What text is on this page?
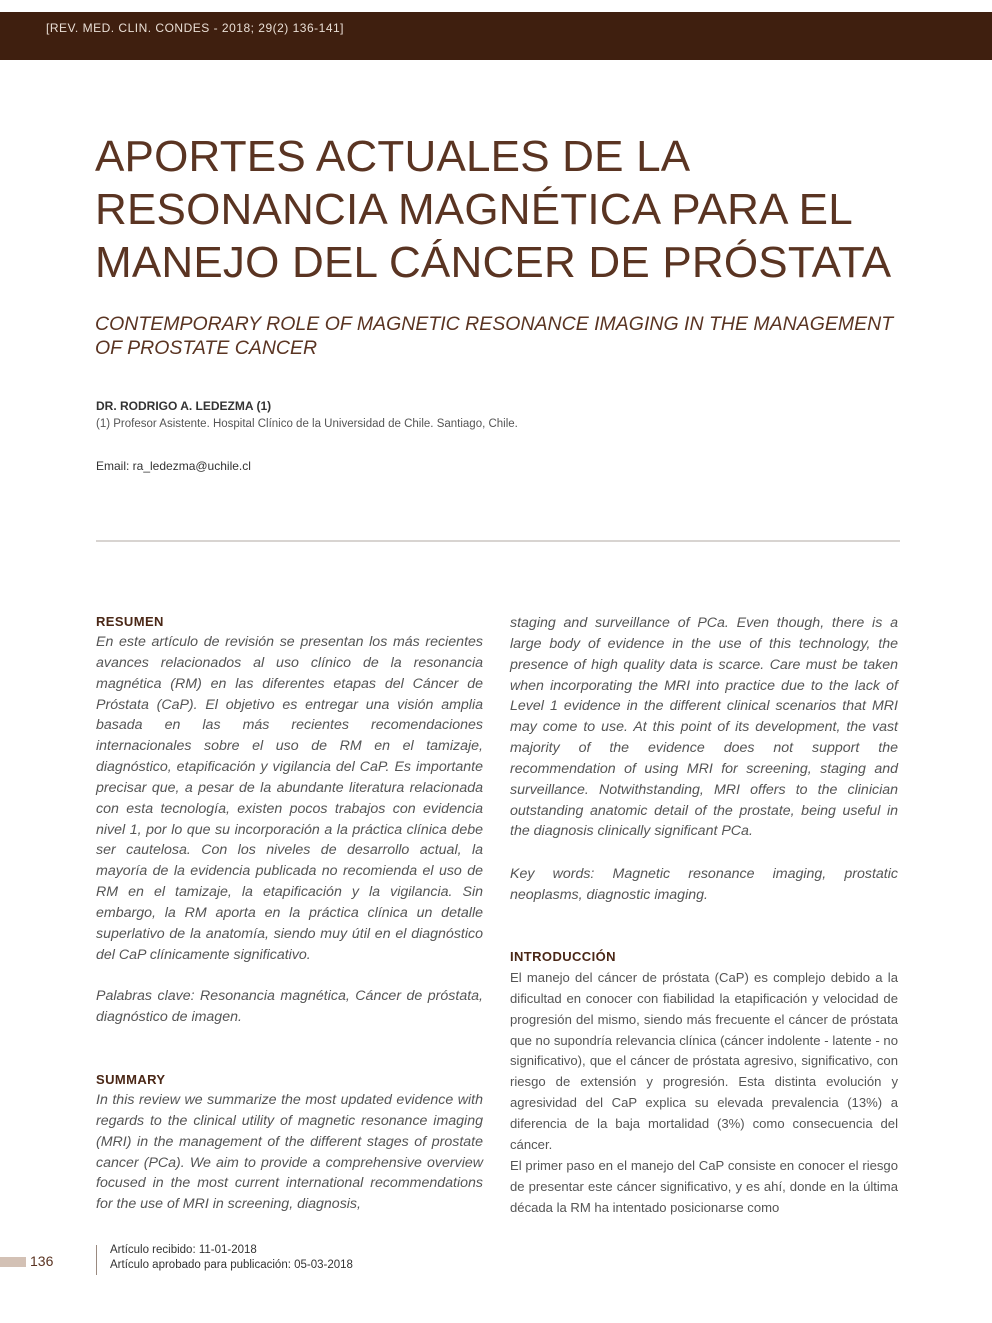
[REV. MED. CLIN. CONDES - 2018; 29(2) 136-141]
APORTES ACTUALES DE LA
RESONANCIA MAGNÉTICA PARA EL
MANEJO DEL CÁNCER DE PRÓSTATA
CONTEMPORARY ROLE OF MAGNETIC RESONANCE IMAGING IN THE MANAGEMENT
OF PROSTATE CANCER
DR. RODRIGO A. LEDEZMA (1)
(1) Profesor Asistente. Hospital Clínico de la Universidad de Chile. Santiago, Chile.
Email: ra_ledezma@uchile.cl
RESUMEN

En este artículo de revisión se presentan los más recientes avances relacionados al uso clínico de la resonancia magnética (RM) en las diferentes etapas del Cáncer de Próstata (CaP). El objetivo es entregar una visión amplia basada en las más recientes recomendaciones internacionales sobre el uso de RM en el tamizaje, diagnóstico, etapificación y vigilancia del CaP. Es importante precisar que, a pesar de la abundante literatura relacionada con esta tecnología, existen pocos trabajos con evidencia nivel 1, por lo que su incorporación a la práctica clínica debe ser cautelosa. Con los niveles de desarrollo actual, la mayoría de la evidencia publicada no recomienda el uso de RM en el tamizaje, la etapificación y la vigilancia. Sin embargo, la RM aporta en la práctica clínica un detalle superlativo de la anatomía, siendo muy útil en el diagnóstico del CaP clínicamente significativo.

Palabras clave: Resonancia magnética, Cáncer de próstata, diagnóstico de imagen.

SUMMARY

In this review we summarize the most updated evidence with regards to the clinical utility of magnetic resonance imaging (MRI) in the management of the different stages of prostate cancer (PCa). We aim to provide a comprehensive overview focused in the most current international recommendations for the use of MRI in screening, diagnosis,

staging and surveillance of PCa. Even though, there is a large body of evidence in the use of this technology, the presence of high quality data is scarce. Care must be taken when incorporating the MRI into practice due to the lack of Level 1 evidence in the different clinical scenarios that MRI may come to use. At this point of its development, the vast majority of the evidence does not support the recommendation of using MRI for screening, staging and surveillance. Notwithstanding, MRI offers to the clinician outstanding anatomic detail of the prostate, being useful in the diagnosis clinically significant PCa.

Key words: Magnetic resonance imaging, prostatic neoplasms, diagnostic imaging.

INTRODUCCIÓN

El manejo del cáncer de próstata (CaP) es complejo debido a la dificultad en conocer con fiabilidad la etapificación y velocidad de progresión del mismo, siendo más frecuente el cáncer de próstata que no supondría relevancia clínica (cáncer indolente - latente - no significativo), que el cáncer de próstata agresivo, significativo, con riesgo de extensión y progresión. Esta distinta evolución y agresividad del CaP explica su elevada prevalencia (13%) a diferencia de la baja mortalidad (3%) como consecuencia del cáncer.

El primer paso en el manejo del CaP consiste en conocer el riesgo de presentar este cáncer significativo, y es ahí, donde en la última década la RM ha intentado posicionarse como

136
Artículo recibido: 11-01-2018
Artículo aprobado para publicación: 05-03-2018
